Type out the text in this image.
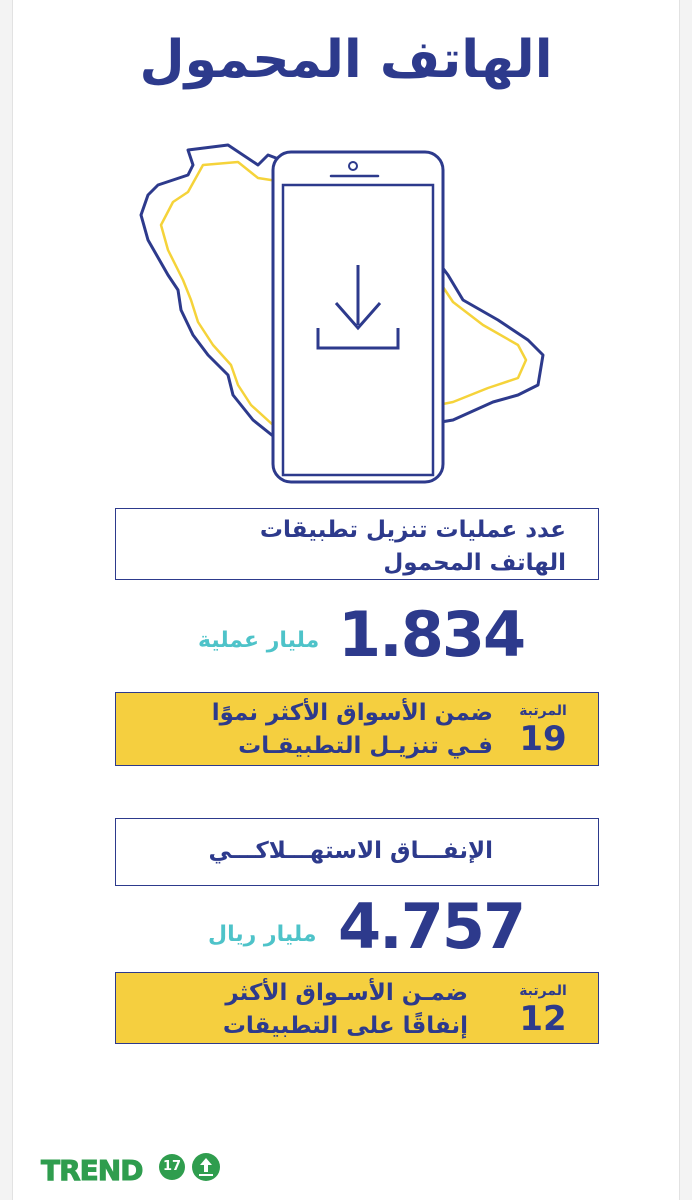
الهاتف المحمول
عدد عمليات تنزيل تطبيقات
الهاتف المحمول
1.834
مليار عملية
المرتبة
19
ضمن الأسواق الأكثر نموًا
فـي تنزيـل التطبيقـات
الإنفـــاق الاستهـــلاكـــي
4.757
مليار ريال
المرتبة
12
ضمـن الأسـواق الأكثر
إنفاقًا على التطبيقات
TREND	17
